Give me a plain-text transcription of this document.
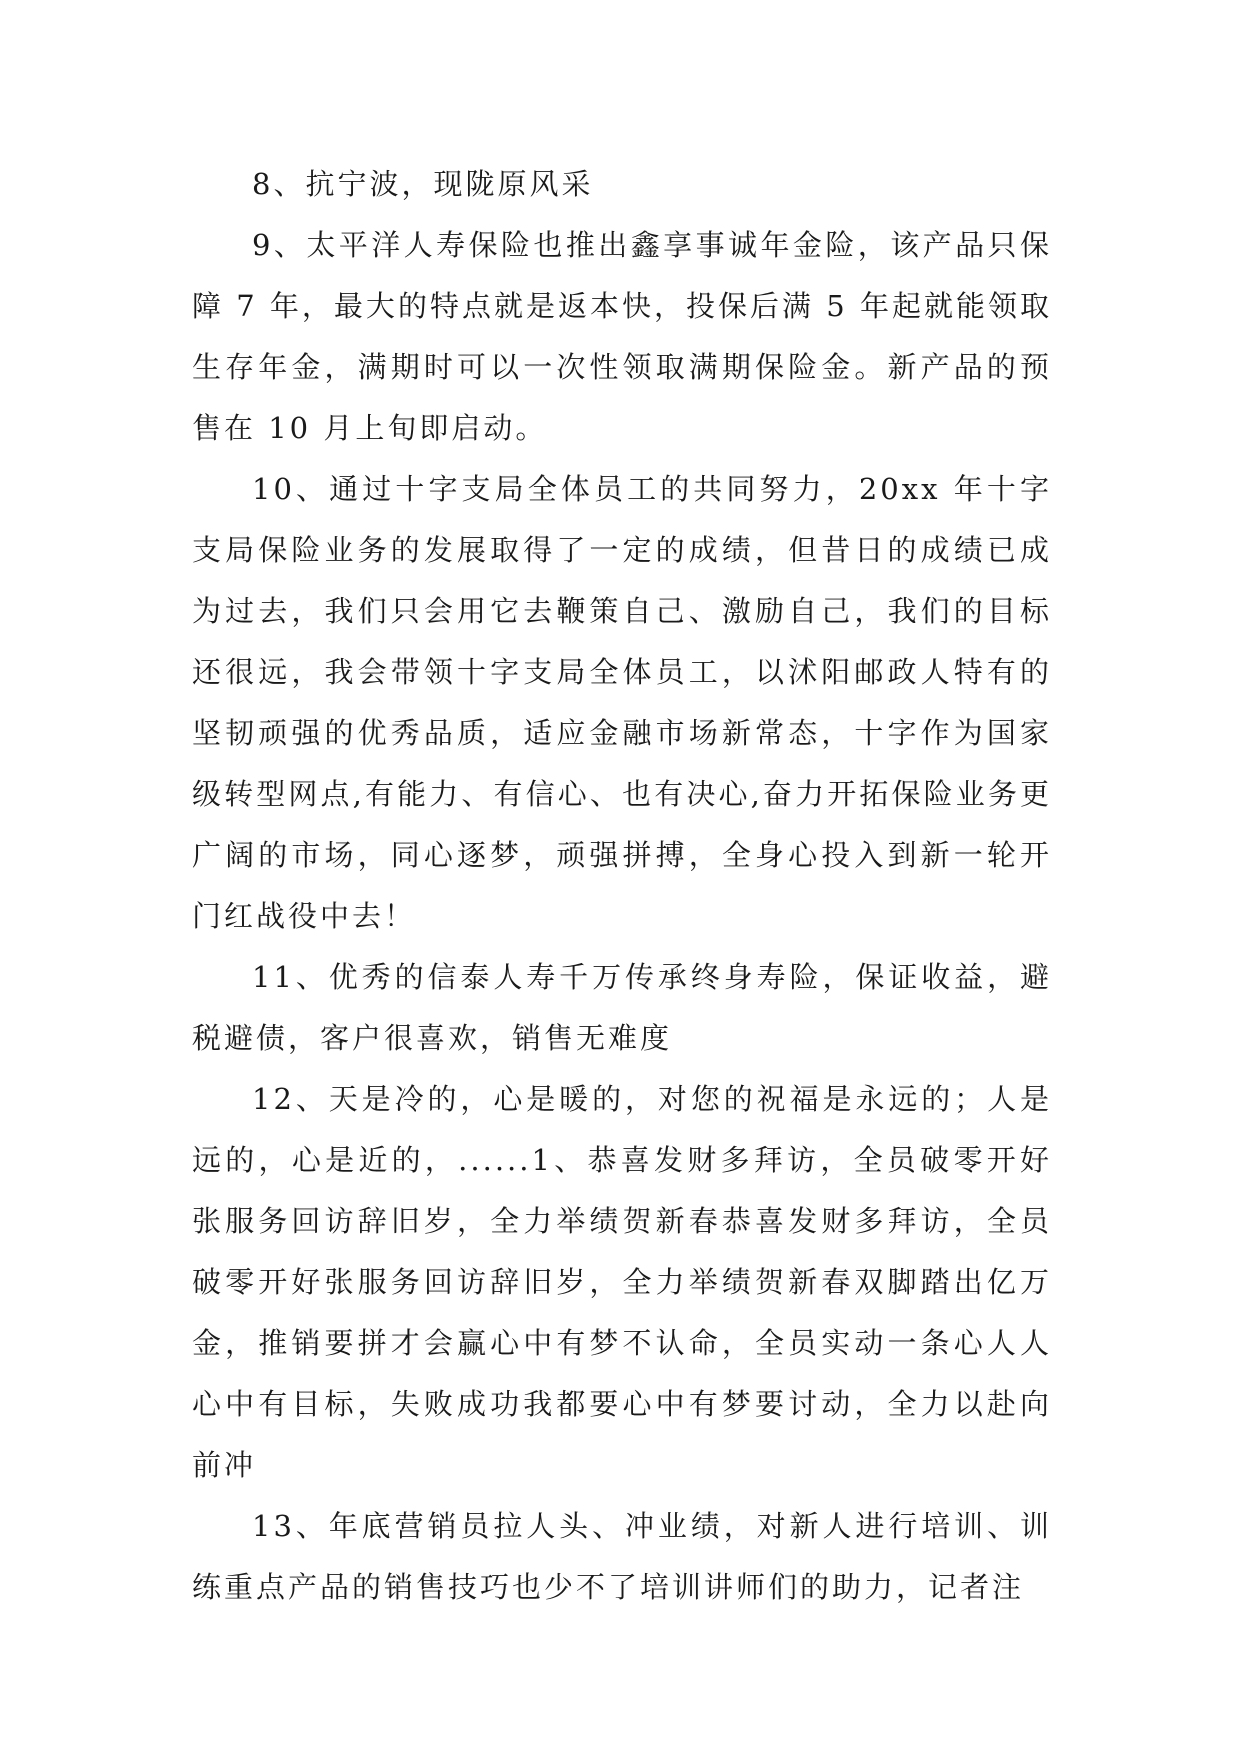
8、抗宁波，现陇原风采

9、太平洋人寿保险也推出鑫享事诚年金险，该产品只保障 7 年，最大的特点就是返本快，投保后满 5 年起就能领取生存年金，满期时可以一次性领取满期保险金。新产品的预售在 10 月上旬即启动。

10、通过十字支局全体员工的共同努力，20xx 年十字支局保险业务的发展取得了一定的成绩，但昔日的成绩已成为过去，我们只会用它去鞭策自己、激励自己，我们的目标还很远，我会带领十字支局全体员工，以沭阳邮政人特有的坚韧顽强的优秀品质，适应金融市场新常态，十字作为国家级转型网点,有能力、有信心、也有决心,奋力开拓保险业务更广阔的市场，同心逐梦，顽强拼搏，全身心投入到新一轮开门红战役中去！

11、优秀的信泰人寿千万传承终身寿险，保证收益，避税避债，客户很喜欢，销售无难度

12、天是冷的，心是暖的，对您的祝福是永远的；人是远的，心是近的，......1、恭喜发财多拜访，全员破零开好张服务回访辞旧岁，全力举绩贺新春恭喜发财多拜访，全员破零开好张服务回访辞旧岁，全力举绩贺新春双脚踏出亿万金，推销要拼才会赢心中有梦不认命，全员实动一条心人人心中有目标，失败成功我都要心中有梦要讨动，全力以赴向前冲

13、年底营销员拉人头、冲业绩，对新人进行培训、训练重点产品的销售技巧也少不了培训讲师们的助力，记者注
